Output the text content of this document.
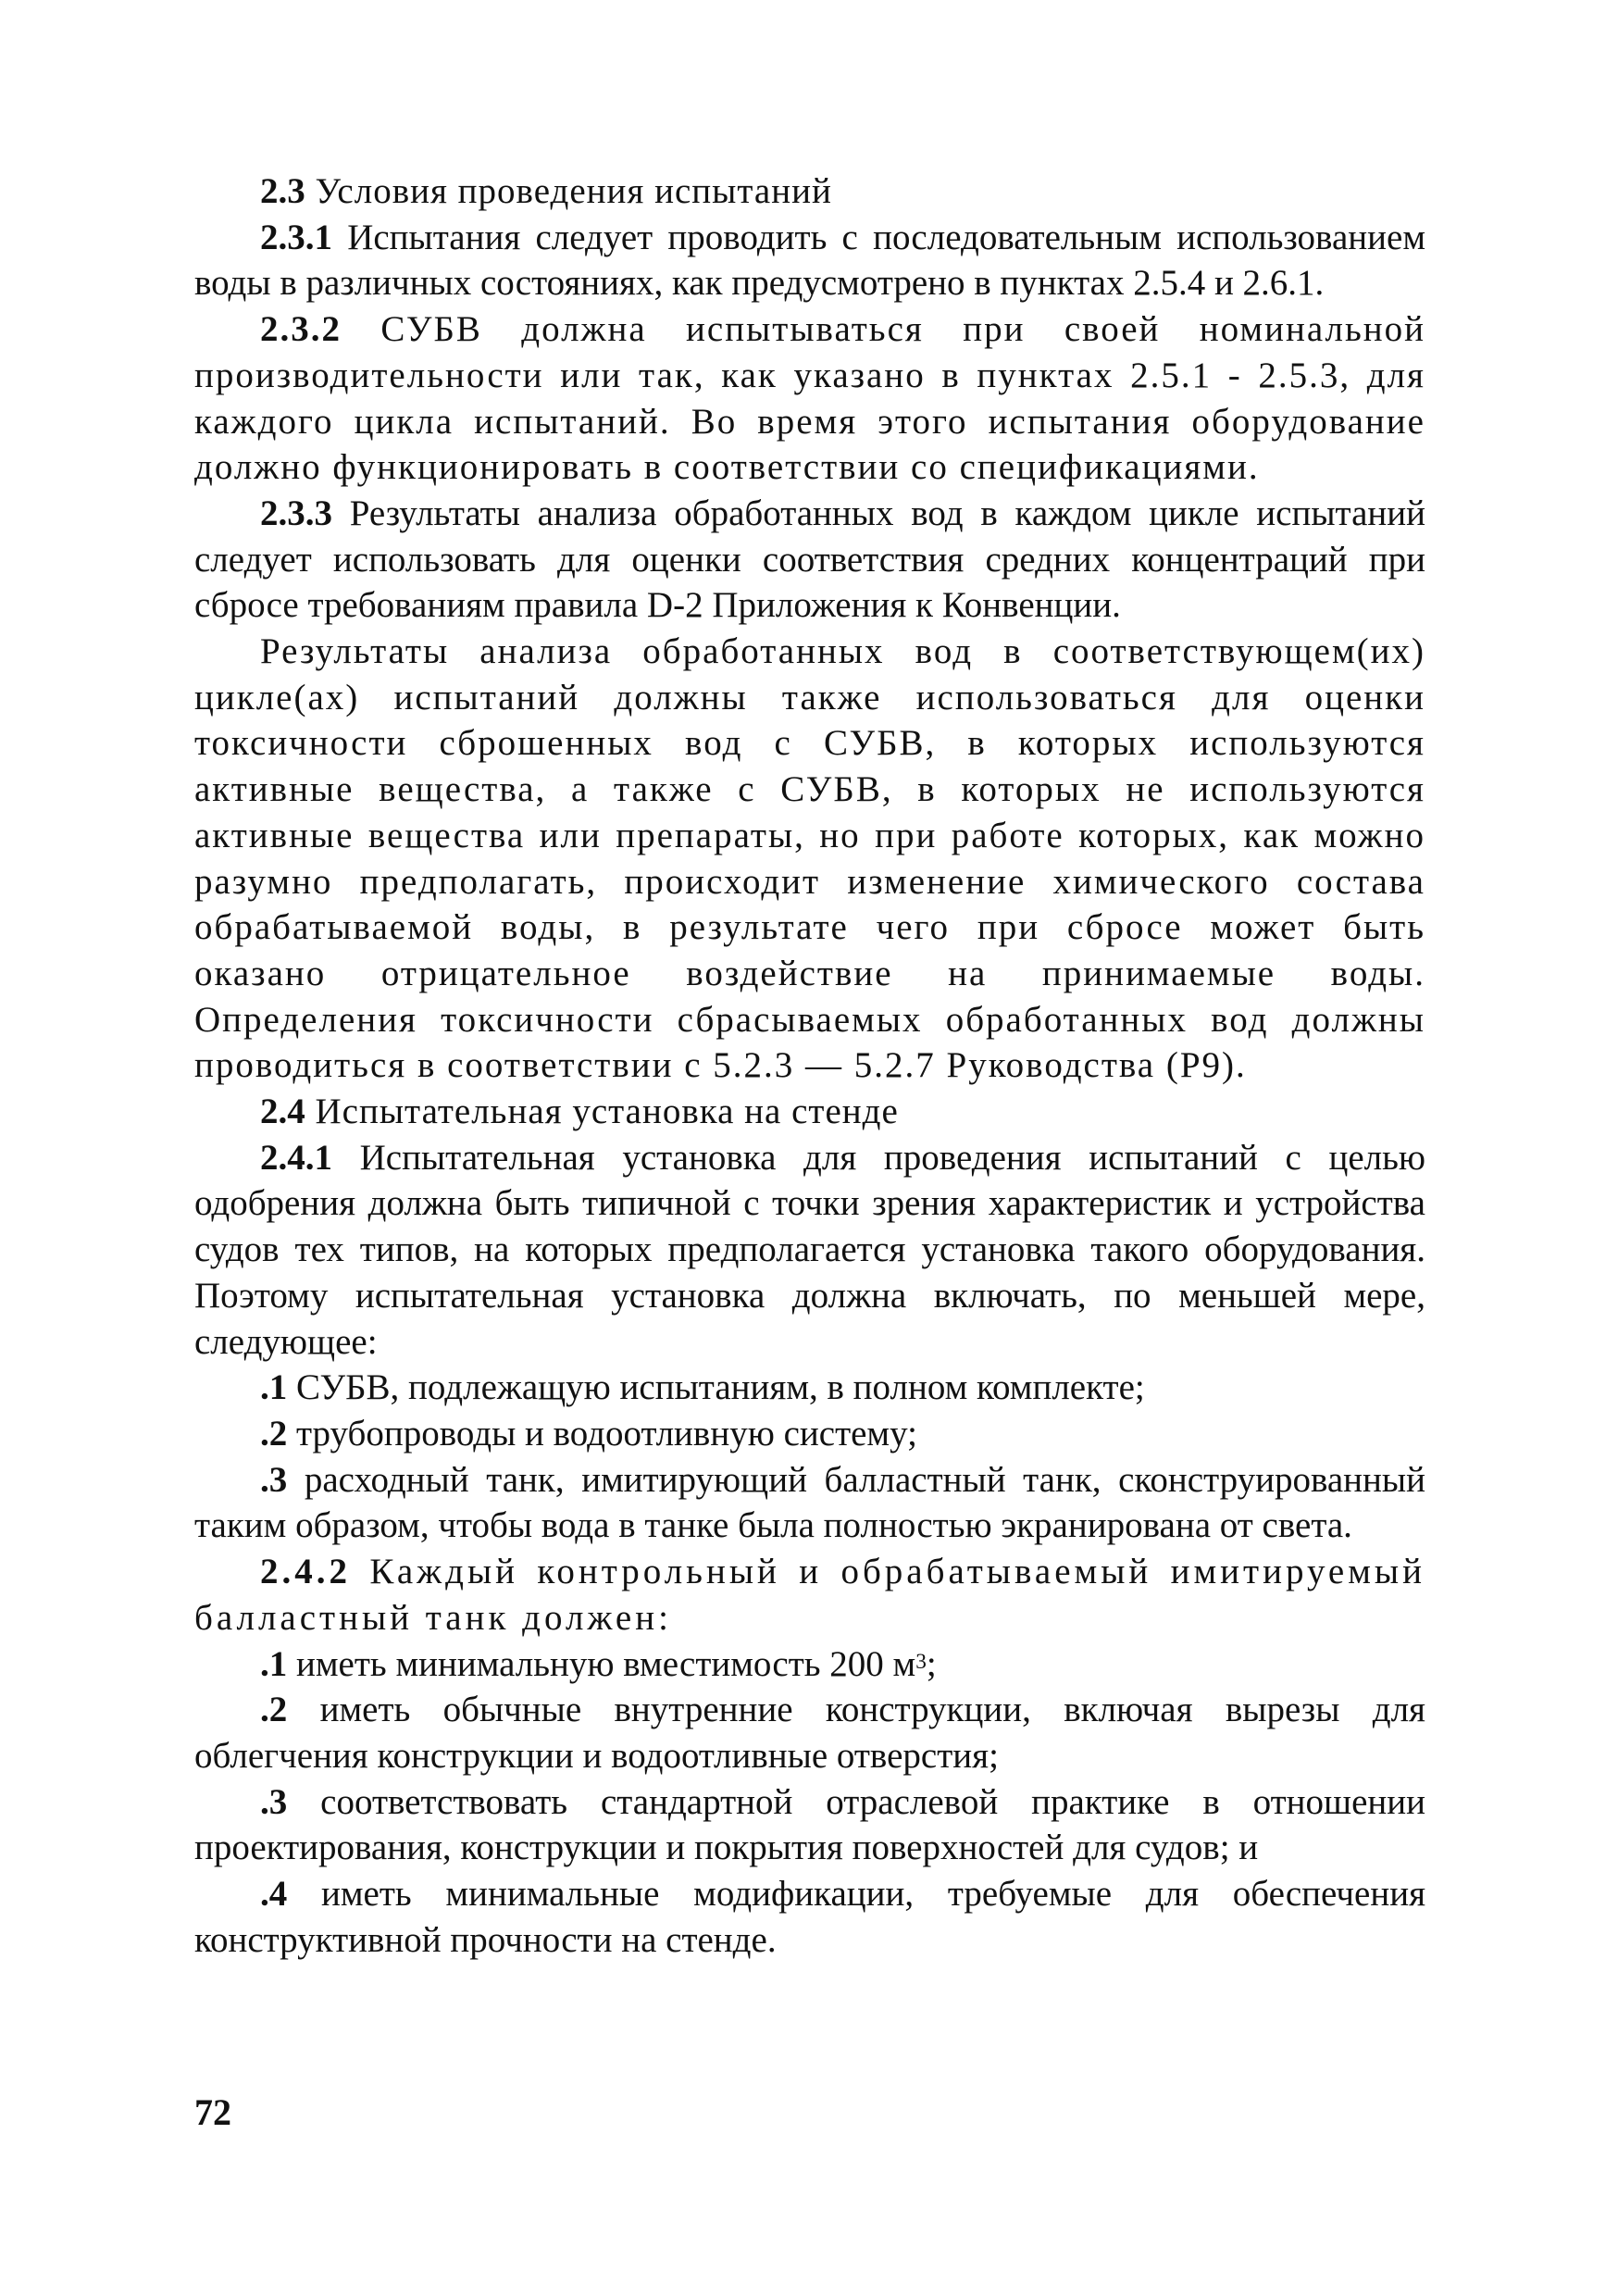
2.3 Условия проведения испытаний

2.3.1 Испытания следует проводить с последовательным использованием воды в различных состояниях, как предусмотрено в пунктах 2.5.4 и 2.6.1.

2.3.2 СУБВ должна испытываться при своей номинальной производительности или так, как указано в пунктах 2.5.1 - 2.5.3, для каждого цикла испытаний. Во время этого испытания оборудование должно функционировать в соответствии со спецификациями.

2.3.3 Результаты анализа обработанных вод в каждом цикле испытаний следует использовать для оценки соответствия средних концентраций при сбросе требованиям правила D-2 Приложения к Конвенции.

Результаты анализа обработанных вод в соответствующем(их) цикле(ах) испытаний должны также использоваться для оценки токсичности сброшенных вод с СУБВ, в которых используются активные вещества, а также с СУБВ, в которых не используются активные вещества или препараты, но при работе которых, как можно разумно предполагать, происходит изменение химического состава обрабатываемой воды, в результате чего при сбросе может быть оказано отрицательное воздействие на принимаемые воды. Определения токсичности сбрасываемых обработанных вод должны проводиться в соответствии с 5.2.3 — 5.2.7 Руководства (Р9).

2.4 Испытательная установка на стенде

2.4.1 Испытательная установка для проведения испытаний с целью одобрения должна быть типичной с точки зрения характеристик и устройства судов тех типов, на которых предполагается установка такого оборудования. Поэтому испытательная установка должна включать, по меньшей мере, следующее:

.1 СУБВ, подлежащую испытаниям, в полном комплекте;

.2 трубопроводы и водоотливную систему;

.3 расходный танк, имитирующий балластный танк, сконструированный таким образом, чтобы вода в танке была полностью экранирована от света.

2.4.2 Каждый контрольный и обрабатываемый имитируемый балластный танк должен:

.1 иметь минимальную вместимость 200 $м^3$;

.2 иметь обычные внутренние конструкции, включая вырезы для облегчения конструкции и водоотливные отверстия;

.3 соответствовать стандартной отраслевой практике в отношении проектирования, конструкции и покрытия поверхностей для судов; и

.4 иметь минимальные модификации, требуемые для обеспечения конструктивной прочности на стенде.

72
